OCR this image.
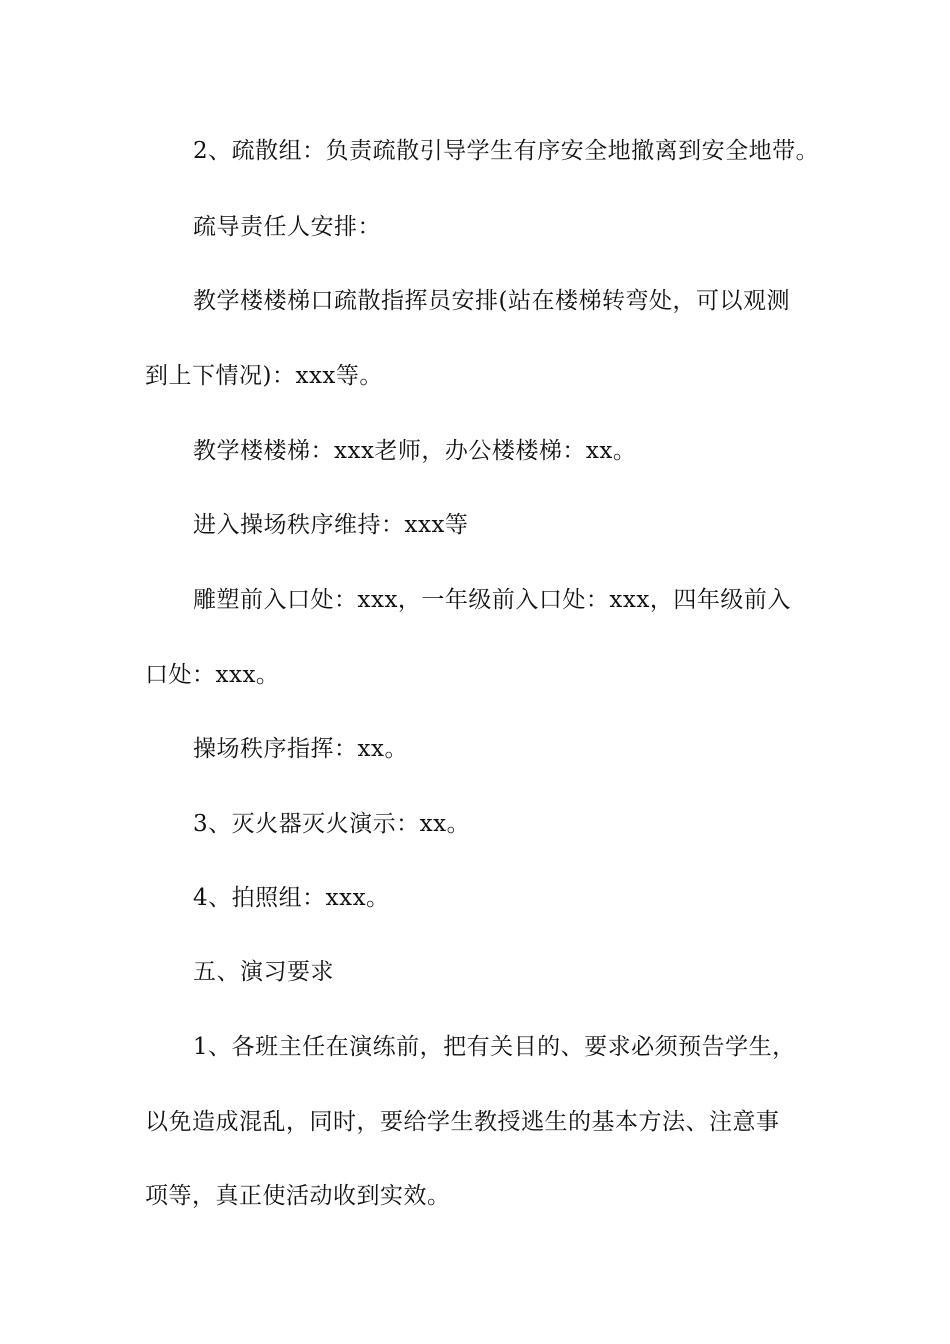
2、疏散组：负责疏散引导学生有序安全地撤离到安全地带。
疏导责任人安排：
教学楼楼梯口疏散指挥员安排(站在楼梯转弯处，可以观测
到上下情况)：xxx等。
教学楼楼梯：xxx老师，办公楼楼梯：xx。
进入操场秩序维持：xxx等
雕塑前入口处：xxx，一年级前入口处：xxx，四年级前入
口处：xxx。
操场秩序指挥：xx。
3、灭火器灭火演示：xx。
4、拍照组：xxx。
五、演习要求
1、各班主任在演练前，把有关目的、要求必须预告学生，
以免造成混乱，同时，要给学生教授逃生的基本方法、注意事
项等，真正使活动收到实效。
